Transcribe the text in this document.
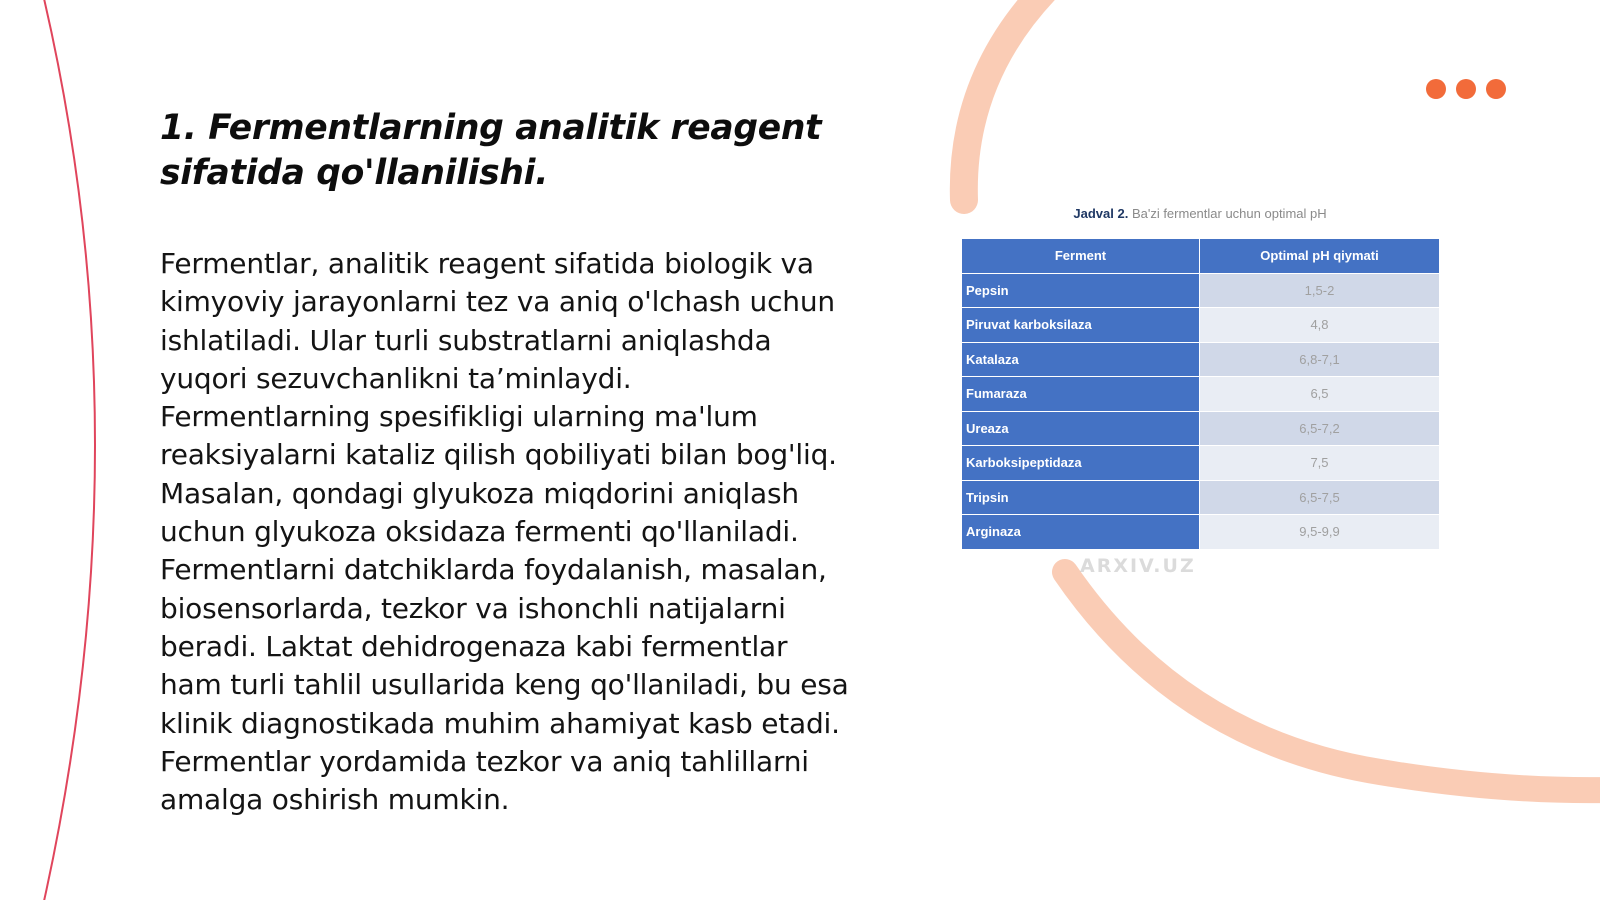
1. Fermentlarning analitik reagent sifatida qo'llanilishi.

Fermentlar, analitik reagent sifatida biologik va kimyoviy jarayonlarni tez va aniq o'lchash uchun ishlatiladi. Ular turli substratlarni aniqlashda yuqori sezuvchanlikni ta’minlaydi. Fermentlarning spesifikligi ularning ma'lum reaksiyalarni kataliz qilish qobiliyati bilan bog'liq. Masalan, qondagi glyukoza miqdorini aniqlash uchun glyukoza oksidaza fermenti qo'llaniladi. Fermentlarni datchiklarda foydalanish, masalan, biosensorlarda, tezkor va ishonchli natijalarni beradi. Laktat dehidrogenaza kabi fermentlar ham turli tahlil usullarida keng qo'llaniladi, bu esa klinik diagnostikada muhim ahamiyat kasb etadi. Fermentlar yordamida tezkor va aniq tahlillarni amalga oshirish mumkin.

Jadval 2. Ba'zi fermentlar uchun optimal pH
Ferment	Optimal pH qiymati
Pepsin	1,5-2
Piruvat karboksilaza	4,8
Katalaza	6,8-7,1
Fumaraza	6,5
Ureaza	6,5-7,2
Karboksipeptidaza	7,5
Tripsin	6,5-7,5
Arginaza	9,5-9,9
ARXIV.UZ
